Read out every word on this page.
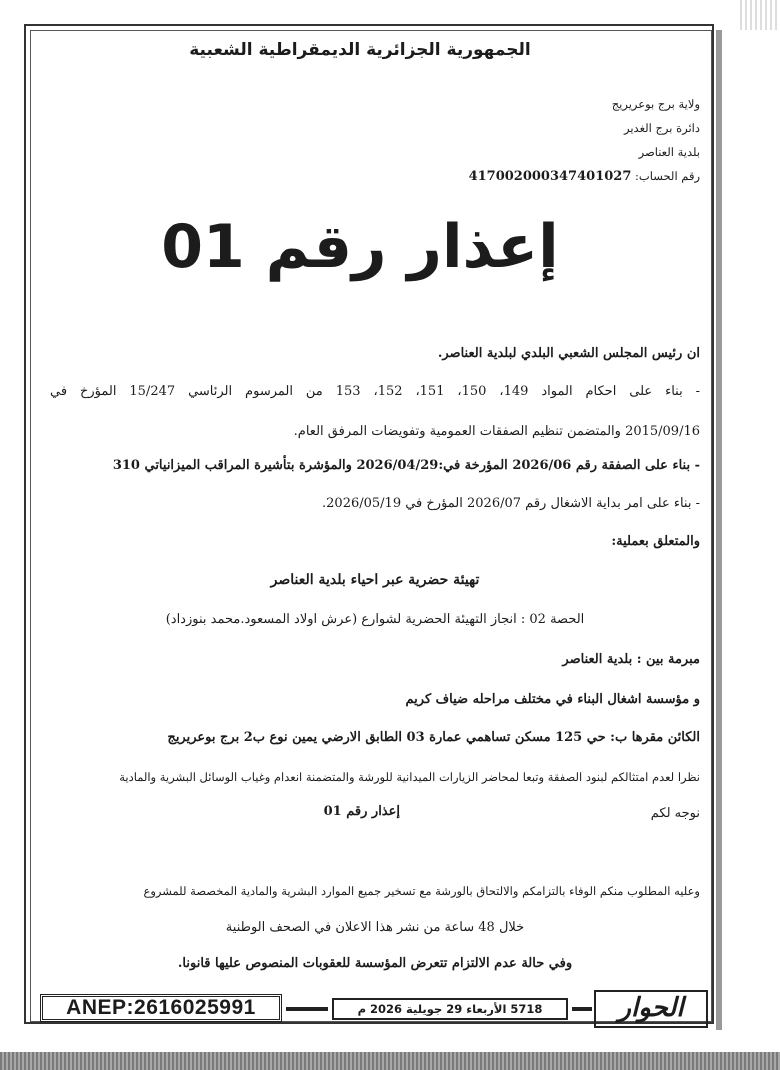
الجمهورية الجزائرية الديمقراطية الشعبية
ولاية برج بوعريريج
دائرة برج الغدير
بلدية العناصر
رقم الحساب: 417002000347401027
إعذار رقم 01

ان رئيس المجلس الشعبي البلدي لبلدية العناصر.

- بناء على احكام المواد 149، 150، 151، 152، 153 من المرسوم الرئاسي 15/247 المؤرخ في

2015/09/16 والمتضمن تنظيم الصفقات العمومية وتفويضات المرفق العام.

- بناء على الصفقة رقم 2026/06 المؤرخة في:2026/04/29 والمؤشرة بتأشيرة المراقب الميزانياتي 310

- بناء على امر بداية الاشغال رقم 2026/07 المؤرخ في 2026/05/19.

والمتعلق بعملية:

تهيئة حضرية عبر احياء بلدية العناصر

الحصة 02 : انجاز التهيئة الحضرية لشوارع (عرش اولاد المسعود.محمد بنوزداد)

مبرمة بين : بلدية العناصر

و مؤسسة اشغال البناء في مختلف مراحله ضياف كريم

الكائن مقرها ب: حي 125 مسكن تساهمي عمارة 03 الطابق الارضي يمين نوع ب2 برج بوعريريج

نظرا لعدم امتثالكم لبنود الصفقة وتبعا لمحاضر الزيارات الميدانية للورشة والمتضمنة انعدام وغياب الوسائل البشرية والمادية

نوجه لكم

إعذار رقم 01

وعليه المطلوب منكم الوفاء بالتزامكم والالتحاق بالورشة مع تسخير جميع الموارد البشرية والمادية المخصصة للمشروع

خلال 48 ساعة من نشر هذا الاعلان في الصحف الوطنية

وفي حالة عدم الالتزام تتعرض المؤسسة للعقوبات المنصوص عليها قانونا.

ANEP:2616025991	5718 الأربعاء 29 جويلية 2026 م	الحوار
